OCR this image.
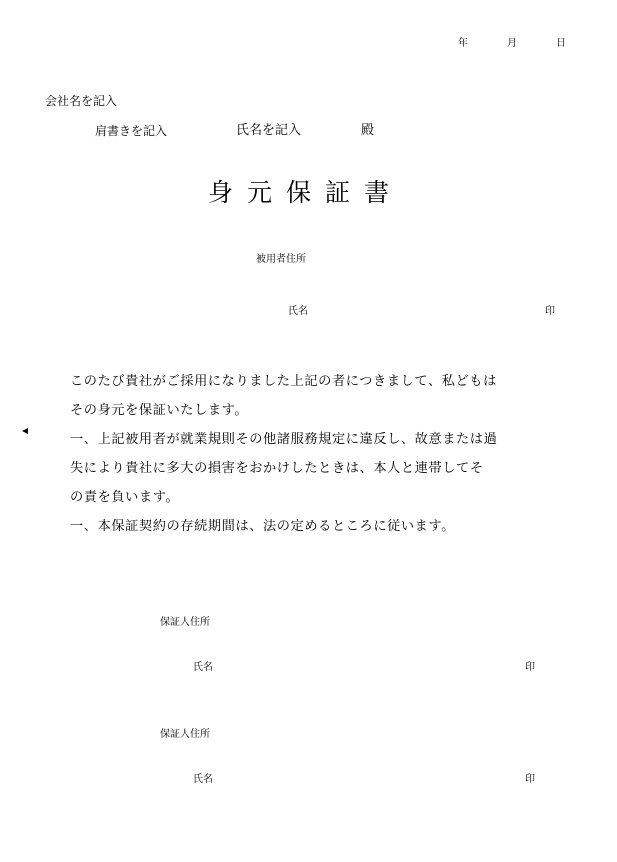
年	月	日
会社名を記入
肩書きを記入	氏名を記入	殿
身元保証書
被用者住所
氏名	印
このたび貴社がご採用になりました上記の者につきまして、私どもは
その身元を保証いたします。
一、上記被用者が就業規則その他諸服務規定に違反し、故意または過
失により貴社に多大の損害をおかけしたときは、本人と連帯してそ
の責を負います。
一、本保証契約の存続期間は、法の定めるところに従います。
保証人住所
氏名	印
保証人住所
氏名	印
